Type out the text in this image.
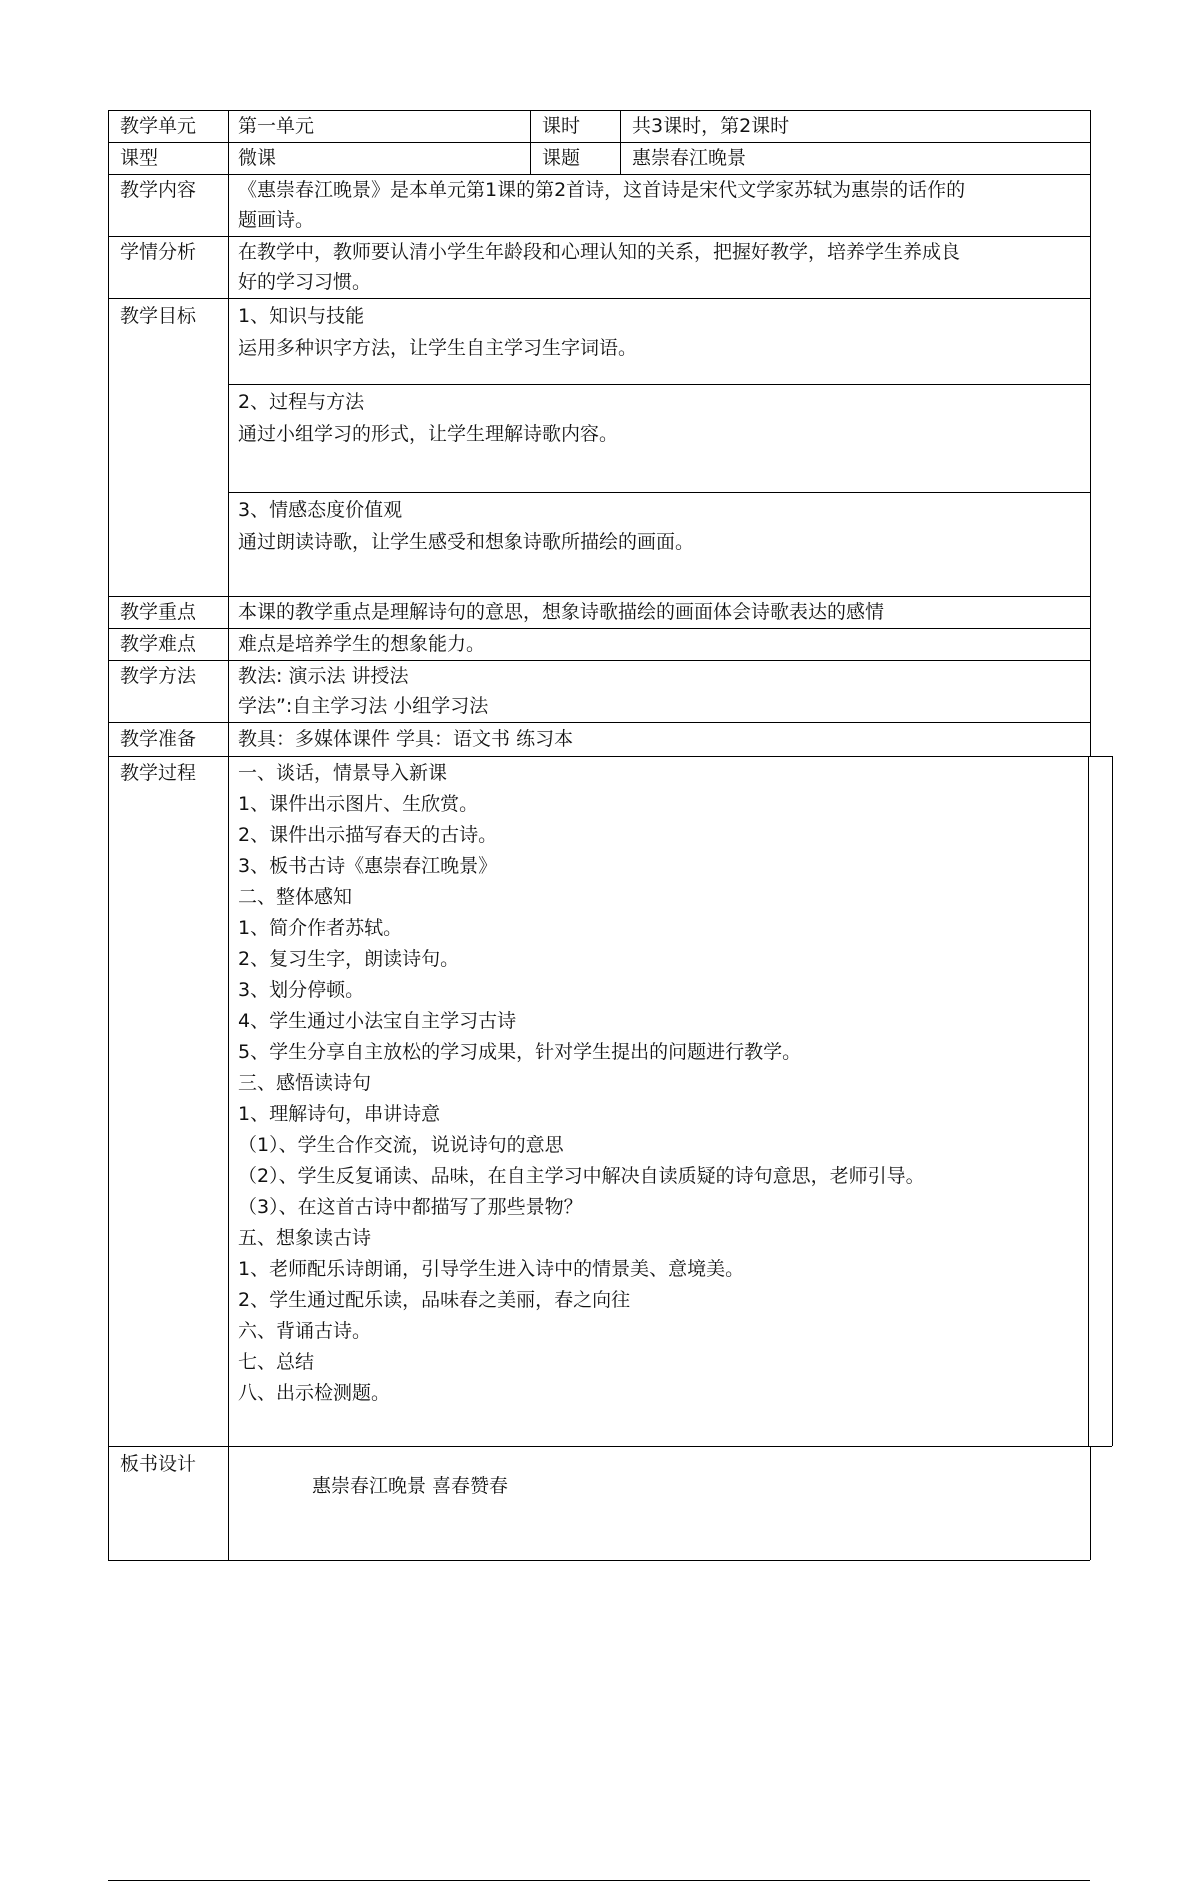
教学单元 第一单元	课时	共3课时，第2课时
课型	微课	课题	惠崇春江晚景
教学内容 《惠崇春江晚景》是本单元第1课的第2首诗，这首诗是宋代文学家苏轼为惠崇的话作的
题画诗。
学情分析 在教学中，教师要认清小学生年龄段和心理认知的关系，把握好教学，培养学生养成良
好的学习习惯。
教学目标 1、知识与技能
运用多种识字方法，让学生自主学习生字词语。
2、过程与方法
通过小组学习的形式，让学生理解诗歌内容。
3、情感态度价值观
通过朗读诗歌，让学生感受和想象诗歌所描绘的画面。
教学重点 本课的教学重点是理解诗句的意思，想象诗歌描绘的画面体会诗歌表达的感情
教学难点 难点是培养学生的想象能力。
教学方法 教法: 演示法 讲授法
学法”:自主学习法 小组学习法
教学准备 教具：多媒体课件 学具：语文书 练习本
教学过程 一、谈话，情景导入新课
1、课件出示图片、生欣赏。
2、课件出示描写春天的古诗。
3、板书古诗《惠崇春江晚景》
二、整体感知
1、简介作者苏轼。
2、复习生字，朗读诗句。
3、划分停顿。
4、学生通过小法宝自主学习古诗
5、学生分享自主放松的学习成果，针对学生提出的问题进行教学。
三、感悟读诗句
1、理解诗句，串讲诗意
（1）、学生合作交流，说说诗句的意思
（2）、学生反复诵读、品味，在自主学习中解决自读质疑的诗句意思，老师引导。
（3）、在这首古诗中都描写了那些景物？
五、想象读古诗
1、老师配乐诗朗诵，引导学生进入诗中的情景美、意境美。
2、学生通过配乐读，品味春之美丽，春之向往
六、背诵古诗。
七、总结
八、出示检测题。
板书设计
惠崇春江晚景 喜春赞春
